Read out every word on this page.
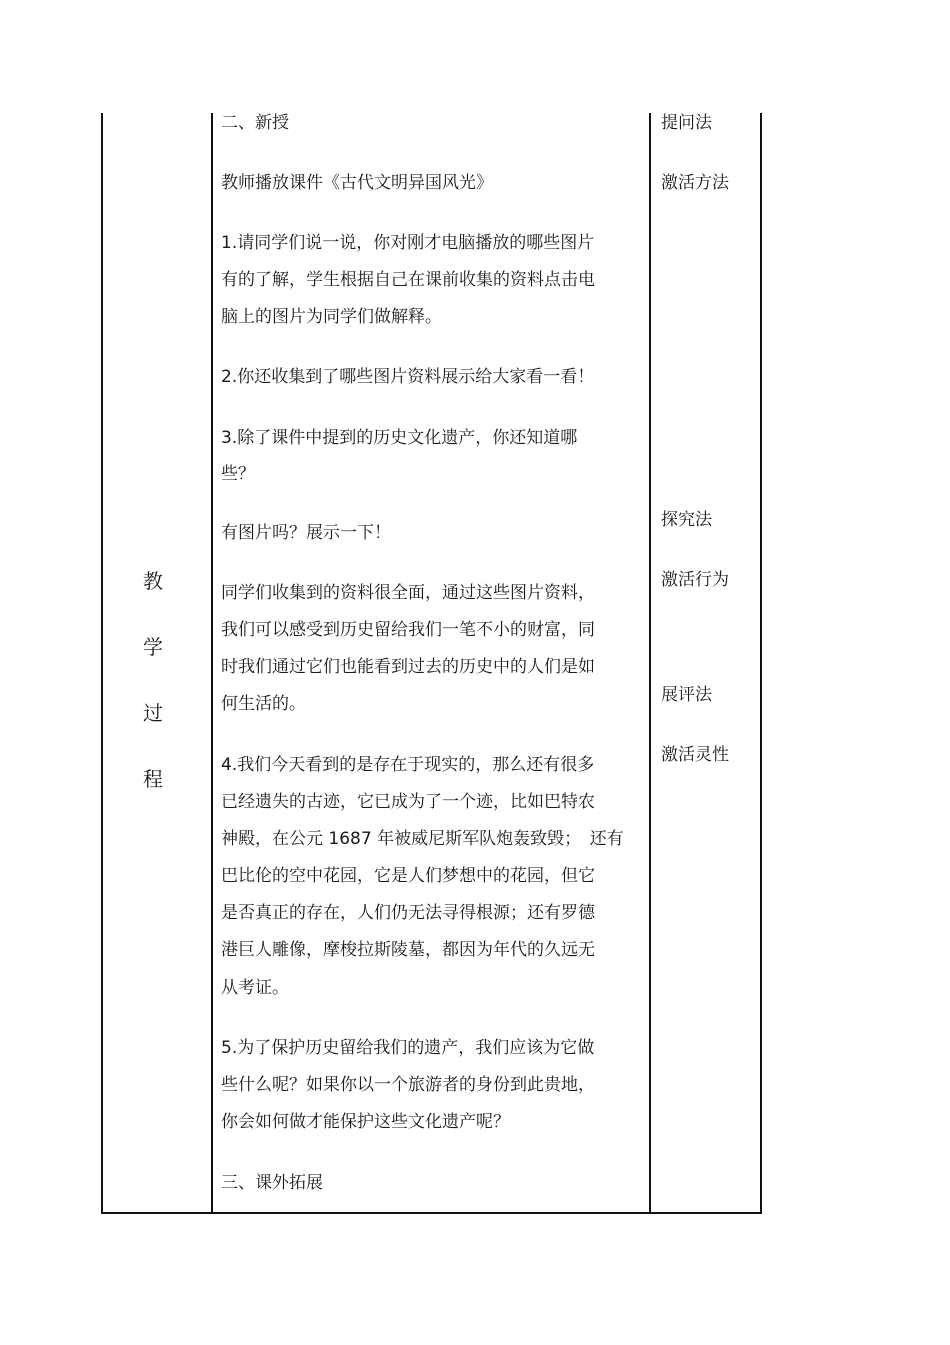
教
学
过
程
二、新授
教师播放课件《古代文明异国风光》
1.请同学们说一说，你对刚才电脑播放的哪些图片
有的了解，学生根据自己在课前收集的资料点击电
脑上的图片为同学们做解释。
2.你还收集到了哪些图片资料展示给大家看一看！
3.除了课件中提到的历史文化遗产，你还知道哪
些？
有图片吗？展示一下！
同学们收集到的资料很全面，通过这些图片资料，
我们可以感受到历史留给我们一笔不小的财富，同
时我们通过它们也能看到过去的历史中的人们是如
何生活的。
4.我们今天看到的是存在于现实的，那么还有很多
已经遗失的古迹，它已成为了一个迹，比如巴特农
神殿，在公元 1687 年被威尼斯军队炮轰致毁；　还有
巴比伦的空中花园，它是人们梦想中的花园，但它
是否真正的存在，人们仍无法寻得根源；还有罗德
港巨人雕像，摩梭拉斯陵墓，都因为年代的久远无
从考证。
5.为了保护历史留给我们的遗产，我们应该为它做
些什么呢？如果你以一个旅游者的身份到此贵地，
你会如何做才能保护这些文化遗产呢？
三、课外拓展
提问法
激活方法
探究法
激活行为
展评法
激活灵性
